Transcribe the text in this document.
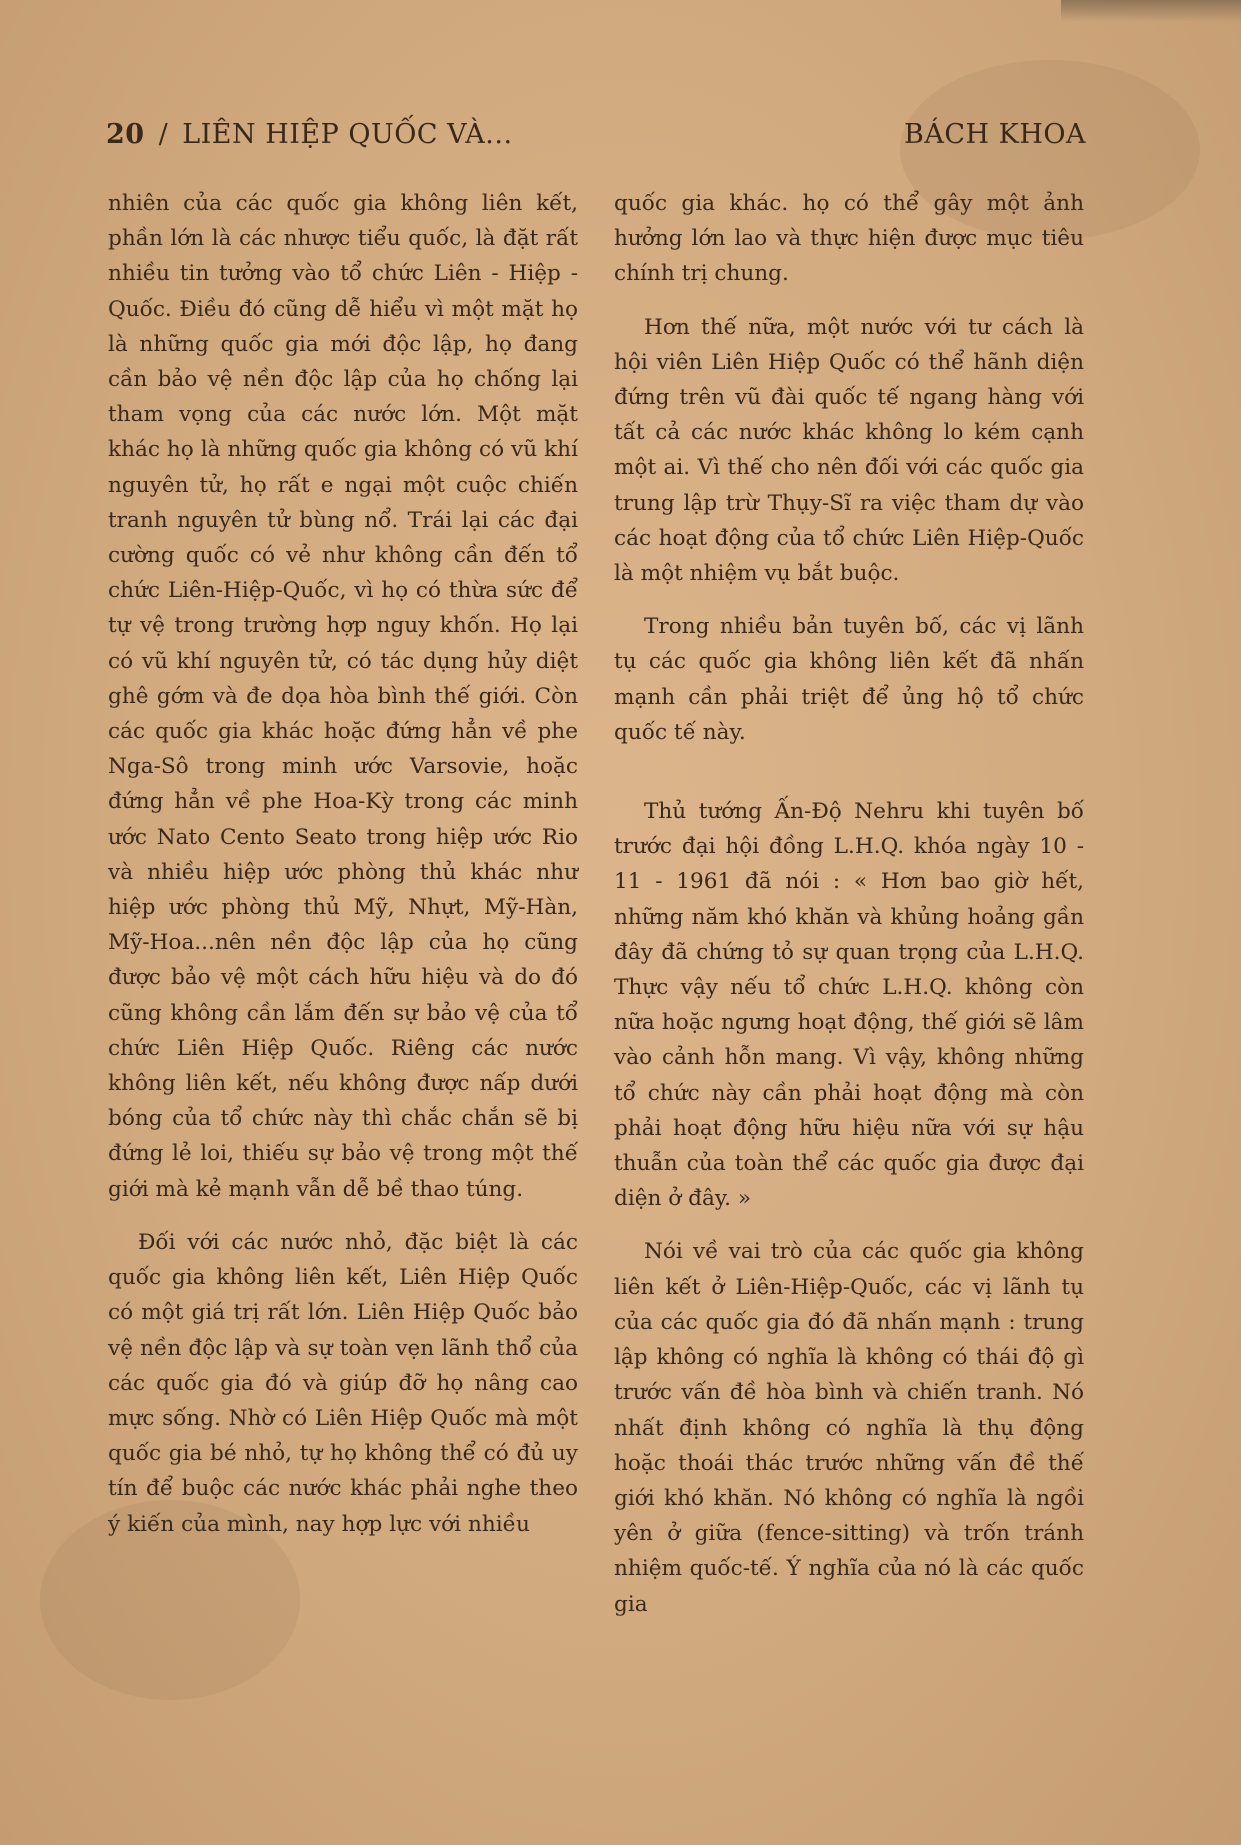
20 / LIÊN HIỆP QUỐC VÀ...	BÁCH KHOA

nhiên của các quốc gia không liên kết, phần lớn là các nhược tiểu quốc, là đặt rất nhiều tin tưởng vào tổ chức Liên - Hiệp - Quốc. Điều đó cũng dễ hiểu vì một mặt họ là những quốc gia mới độc lập, họ đang cần bảo vệ nền độc lập của họ chống lại tham vọng của các nước lớn. Một mặt khác họ là những quốc gia không có vũ khí nguyên tử, họ rất e ngại một cuộc chiến tranh nguyên tử bùng nổ. Trái lại các đại cường quốc có vẻ như không cần đến tổ chức Liên-Hiệp-Quốc, vì họ có thừa sức để tự vệ trong trường hợp nguy khốn. Họ lại có vũ khí nguyên tử, có tác dụng hủy diệt ghê gớm và đe dọa hòa bình thế giới. Còn các quốc gia khác hoặc đứng hẳn về phe Nga-Sô trong minh ước Varsovie, hoặc đứng hẳn về phe Hoa-Kỳ trong các minh ước Nato Cento Seato trong hiệp ước Rio và nhiều hiệp ước phòng thủ khác như hiệp ước phòng thủ Mỹ, Nhựt, Mỹ-Hàn, Mỹ-Hoa...nên nền độc lập của họ cũng được bảo vệ một cách hữu hiệu và do đó cũng không cần lắm đến sự bảo vệ của tổ chức Liên Hiệp Quốc. Riêng các nước không liên kết, nếu không được nấp dưới bóng của tổ chức này thì chắc chắn sẽ bị đứng lẻ loi, thiếu sự bảo vệ trong một thế giới mà kẻ mạnh vẫn dễ bề thao túng.

Đối với các nước nhỏ, đặc biệt là các quốc gia không liên kết, Liên Hiệp Quốc có một giá trị rất lớn. Liên Hiệp Quốc bảo vệ nền độc lập và sự toàn vẹn lãnh thổ của các quốc gia đó và giúp đỡ họ nâng cao mực sống. Nhờ có Liên Hiệp Quốc mà một quốc gia bé nhỏ, tự họ không thể có đủ uy tín để buộc các nước khác phải nghe theo ý kiến của mình, nay hợp lực với nhiều

quốc gia khác. họ có thể gây một ảnh hưởng lớn lao và thực hiện được mục tiêu chính trị chung.

Hơn thế nữa, một nước với tư cách là hội viên Liên Hiệp Quốc có thể hãnh diện đứng trên vũ đài quốc tế ngang hàng với tất cả các nước khác không lo kém cạnh một ai. Vì thế cho nên đối với các quốc gia trung lập trừ Thụy-Sĩ ra việc tham dự vào các hoạt động của tổ chức Liên Hiệp-Quốc là một nhiệm vụ bắt buộc.

Trong nhiều bản tuyên bố, các vị lãnh tụ các quốc gia không liên kết đã nhấn mạnh cần phải triệt để ủng hộ tổ chức quốc tế này.

Thủ tướng Ấn-Độ Nehru khi tuyên bố trước đại hội đồng L.H.Q. khóa ngày 10 - 11 - 1961 đã nói : « Hơn bao giờ hết, những năm khó khăn và khủng hoảng gần đây đã chứng tỏ sự quan trọng của L.H.Q. Thực vậy nếu tổ chức L.H.Q. không còn nữa hoặc ngưng hoạt động, thế giới sẽ lâm vào cảnh hỗn mang. Vì vậy, không những tổ chức này cần phải hoạt động mà còn phải hoạt động hữu hiệu nữa với sự hậu thuẫn của toàn thể các quốc gia được đại diện ở đây. »

Nói về vai trò của các quốc gia không liên kết ở Liên-Hiệp-Quốc, các vị lãnh tụ của các quốc gia đó đã nhấn mạnh : trung lập không có nghĩa là không có thái độ gì trước vấn đề hòa bình và chiến tranh. Nó nhất định không có nghĩa là thụ động hoặc thoái thác trước những vấn đề thế giới khó khăn. Nó không có nghĩa là ngồi yên ở giữa (fence-sitting) và trốn tránh nhiệm quốc-tế. Ý nghĩa của nó là các quốc gia
